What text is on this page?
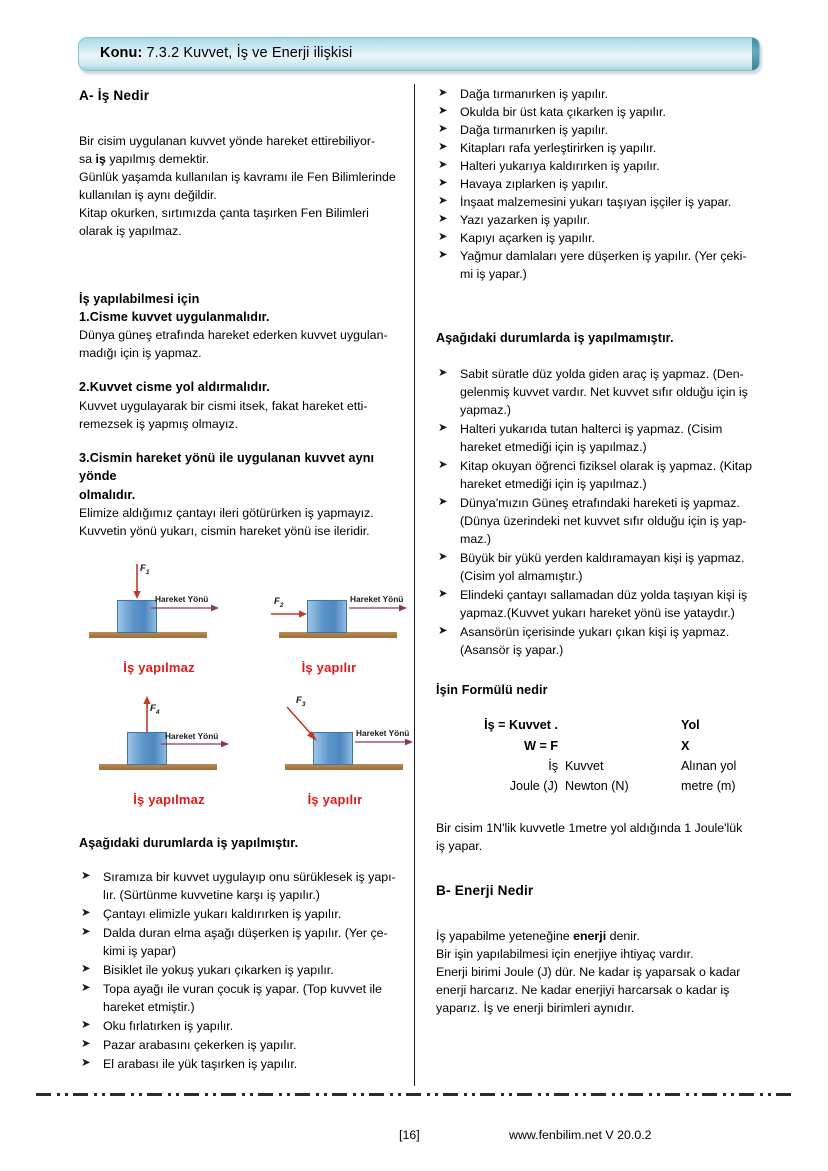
Konu: 7.3.2 Kuvvet, İş ve Enerji ilişkisi
A- İş Nedir

Bir cisim uygulanan kuvvet yönde hareket ettirebiliyor-
sa iş yapılmış demektir.
Günlük yaşamda kullanılan iş kavramı ile Fen Bilimlerinde
kullanılan iş aynı değildir.
Kitap okurken, sırtımızda çanta taşırken Fen Bilimleri
olarak iş yapılmaz.

İş yapılabilmesi için
1.Cisme kuvvet uygulanmalıdır.

Dünya güneş etrafında hareket ederken kuvvet uygulan-
madığı için iş yapmaz.

2.Kuvvet cisme yol aldırmalıdır.

Kuvvet uygulayarak bir cismi itsek, fakat hareket etti-
remezsek iş yapmış olmayız.

3.Cismin hareket yönü ile uygulanan kuvvet aynı yönde
olmalıdır.

Elimize aldığımız çantayı ileri götürürken iş yapmayız.
Kuvvetin yönü yukarı, cismin hareket yönü ise ileridir.

$F_1$
Hareket Yönü
İş yapılmaz
$F_2$
Hareket Yönü
İş yapılır
$F_4$
Hareket Yönü
İş yapılmaz
$F_3$
Hareket Yönü
İş yapılır
Aşağıdaki durumlarda iş yapılmıştır.
➤ Sıramıza bir kuvvet uygulayıp onu sürüklesek iş yapı-
lır. (Sürtünme kuvvetine karşı iş yapılır.)
➤ Çantayı elimizle yukarı kaldırırken iş yapılır.
➤ Dalda duran elma aşağı düşerken iş yapılır. (Yer çe-
kimi iş yapar)
➤ Bisiklet ile yokuş yukarı çıkarken iş yapılır.
➤ Topa ayağı ile vuran çocuk iş yapar. (Top kuvvet ile
hareket etmiştir.)
➤ Oku fırlatırken iş yapılır.
➤ Pazar arabasını çekerken iş yapılır.
➤ El arabası ile yük taşırken iş yapılır.
➤ Dağa tırmanırken iş yapılır.
➤ Okulda bir üst kata çıkarken iş yapılır.
➤ Dağa tırmanırken iş yapılır.
➤ Kitapları rafa yerleştirirken iş yapılır.
➤ Halteri yukarıya kaldırırken iş yapılır.
➤ Havaya zıplarken iş yapılır.
➤ İnşaat malzemesini yukarı taşıyan işçiler iş yapar.
➤ Yazı yazarken iş yapılır.
➤ Kapıyı açarken iş yapılır.
➤ Yağmur damlaları yere düşerken iş yapılır. (Yer çeki-
mi iş yapar.)
Aşağıdaki durumlarda iş yapılmamıştır.
➤ Sabit süratle düz yolda giden araç iş yapmaz. (Den-
gelenmiş kuvvet vardır. Net kuvvet sıfır olduğu için iş
yapmaz.)
➤ Halteri yukarıda tutan halterci iş yapmaz. (Cisim
hareket etmediği için iş yapılmaz.)
➤ Kitap okuyan öğrenci fiziksel olarak iş yapmaz. (Kitap
hareket etmediği için iş yapılmaz.)
➤ Dünya'mızın Güneş etrafındaki hareketi iş yapmaz.
(Dünya üzerindeki net kuvvet sıfır olduğu için iş yap-
maz.)
➤ Büyük bir yükü yerden kaldıramayan kişi iş yapmaz.
(Cisim yol almamıştır.)
➤ Elindeki çantayı sallamadan düz yolda taşıyan kişi iş
yapmaz.(Kuvvet yukarı hareket yönü ise yataydır.)
➤ Asansörün içerisinde yukarı çıkan kişi iş yapmaz.
(Asansör iş yapar.)
İşin Formülü nedir
İş = Kuvvet .		Yol
W = F		X
İş	Kuvvet	Alınan yol
Joule (J)	Newton (N)	metre (m)

Bir cisim 1N'lik kuvvetle 1metre yol aldığında 1 Joule'lük
iş yapar.

B- Enerji Nedir

İş yapabilme yeteneğine enerji denir.
Bir işin yapılabilmesi için enerjiye ihtiyaç vardır.
Enerji birimi Joule (J) dür. Ne kadar iş yaparsak o kadar
enerji harcarız. Ne kadar enerjiyi harcarsak o kadar iş
yaparız. İş ve enerji birimleri aynıdır.

[16]	www.fenbilim.net V 20.0.2
